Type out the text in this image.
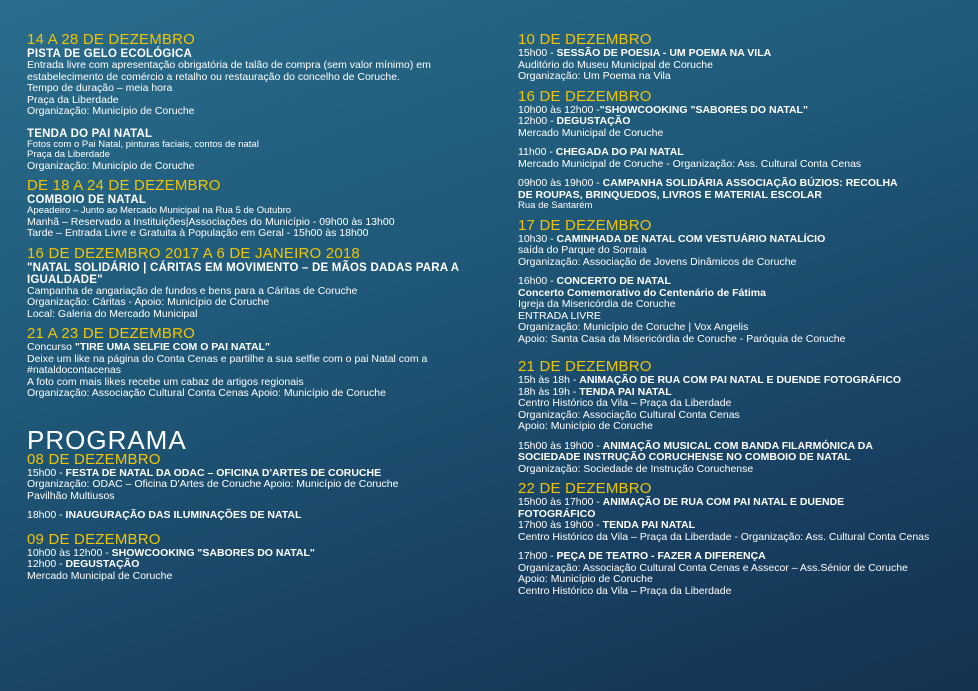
14 A 28 DE DEZEMBRO
PISTA DE GELO ECOLÓGICA
Entrada livre com apresentação obrigatória de talão de compra (sem valor mínimo) em
estabelecimento de comércio a retalho ou restauração do concelho de Coruche.
Tempo de duração – meia hora
Praça da Liberdade
Organização: Município de Coruche
TENDA DO PAI NATAL
Fotos com o Pai Natal, pinturas faciais, contos de natal
Praça da Liberdade
Organização: Município de Coruche
DE 18 A 24 DE DEZEMBRO
COMBOIO DE NATAL
Apeadeiro – Junto ao Mercado Municipal na Rua 5 de Outubro
Manhã – Reservado a Instituições|Associações do Município - 09h00 às 13h00
Tarde – Entrada Livre e Gratuita à População em Geral - 15h00 às 18h00
16 DE DEZEMBRO 2017 A 6 DE JANEIRO 2018
"NATAL SOLIDÁRIO | CÁRITAS EM MOVIMENTO – DE MÃOS DADAS PARA A
IGUALDADE"
Campanha de angariação de fundos e bens para a Cáritas de Coruche
Organização: Cáritas - Apoio: Município de Coruche
Local: Galeria do Mercado Municipal
21 A 23 DE DEZEMBRO
Concurso "TIRE UMA SELFIE COM O PAI NATAL"
Deixe um like na página do Conta Cenas e partilhe a sua selfie com o pai Natal com a
#nataldocontacenas
A foto com mais likes recebe um cabaz de artigos regionais
Organização: Associação Cultural Conta Cenas Apoio: Município de Coruche
PROGRAMA
08 DE DEZEMBRO
15h00 - FESTA DE NATAL DA ODAC – OFICINA D'ARTES DE CORUCHE
Organização: ODAC – Oficina D'Artes de Coruche Apoio: Município de Coruche
Pavilhão Multiusos
18h00 - INAUGURAÇÃO DAS ILUMINAÇÕES DE NATAL
09 DE DEZEMBRO
10h00 às 12h00 - SHOWCOOKING "SABORES DO NATAL"
12h00 - DEGUSTAÇÃO
Mercado Municipal de Coruche
10 DE DEZEMBRO
15h00 - SESSÃO DE POESIA - UM POEMA NA VILA
Auditório do Museu Municipal de Coruche
Organização: Um Poema na Vila
16 DE DEZEMBRO
10h00 às 12h00 -"SHOWCOOKING "SABORES DO NATAL"
12h00 - DEGUSTAÇÃO
Mercado Municipal de Coruche
11h00 - CHEGADA DO PAI NATAL
Mercado Municipal de Coruche - Organização: Ass. Cultural Conta Cenas
09h00 às 19h00 - CAMPANHA SOLIDÁRIA ASSOCIAÇÃO BÚZIOS: RECOLHA
DE ROUPAS, BRINQUEDOS, LIVROS E MATERIAL ESCOLAR
Rua de Santarém
17 DE DEZEMBRO
10h30 - CAMINHADA DE NATAL COM VESTUÁRIO NATALÍCIO
saída do Parque do Sorraia
Organização: Associação de Jovens Dinâmicos de Coruche
16h00 - CONCERTO DE NATAL
Concerto Comemorativo do Centenário de Fátima
Igreja da Misericórdia de Coruche
ENTRADA LIVRE
Organização: Município de Coruche | Vox Angelis
Apoio: Santa Casa da Misericórdia de Coruche - Paróquia de Coruche
21 DE DEZEMBRO
15h às 18h - ANIMAÇÃO DE RUA COM PAI NATAL E DUENDE FOTOGRÁFICO
18h às 19h - TENDA PAI NATAL
Centro Histórico da Vila – Praça da Liberdade
Organização: Associação Cultural Conta Cenas
Apoio: Município de Coruche
15h00 às 19h00 - ANIMAÇÃO MUSICAL COM BANDA FILARMÓNICA DA
SOCIEDADE INSTRUÇÃO CORUCHENSE NO COMBOIO DE NATAL
Organização: Sociedade de Instrução Coruchense
22 DE DEZEMBRO
15h00 às 17h00 - ANIMAÇÃO DE RUA COM PAI NATAL E DUENDE
FOTOGRÁFICO
17h00 às 19h00 - TENDA PAI NATAL
Centro Histórico da Vila – Praça da Liberdade - Organização: Ass. Cultural Conta Cenas
17h00 - PEÇA DE TEATRO - FAZER A DIFERENÇA
Organização: Associação Cultural Conta Cenas e Assecor – Ass.Sénior de Coruche
Apoio: Município de Coruche
Centro Histórico da Vila – Praça da Liberdade
